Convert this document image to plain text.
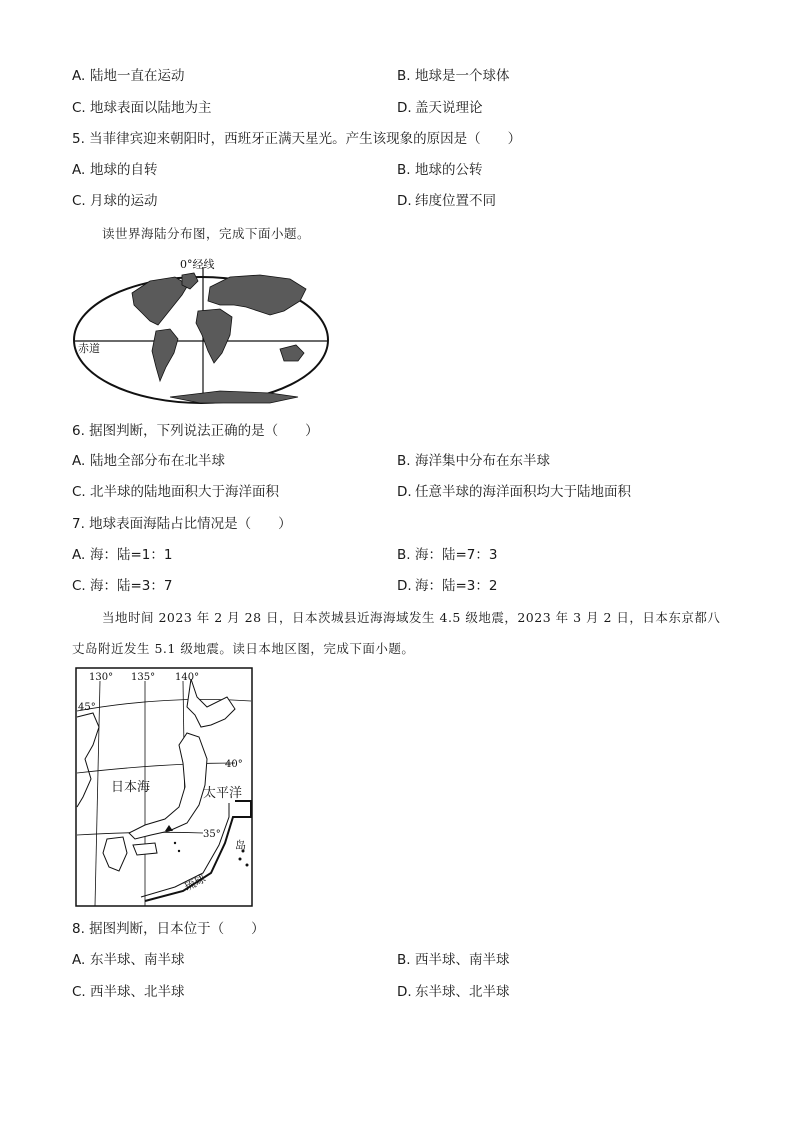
A. 陆地一直在运动	B. 地球是一个球体
C. 地球表面以陆地为主	D. 盖天说理论
5. 当菲律宾迎来朝阳时，西班牙正满天星光。产生该现象的原因是（　　）
A. 地球的自转	B. 地球的公转
C. 月球的运动	D. 纬度位置不同
读世界海陆分布图，完成下面小题。
0°经线
赤道
6. 据图判断，下列说法正确的是（　　）
A. 陆地全部分布在北半球	B. 海洋集中分布在东半球
C. 北半球的陆地面积大于海洋面积	D. 任意半球的海洋面积均大于陆地面积
7. 地球表面海陆占比情况是（　　）
A. 海：陆=1：1	B. 海：陆=7：3
C. 海：陆=3：7	D. 海：陆=3：2
当地时间 2023 年 2 月 28 日，日本茨城县近海海域发生 4.5 级地震，2023 年 3 月 2 日，日本东京都八
丈岛附近发生 5.1 级地震。读日本地区图，完成下面小题。
130° 135° 140°
45°
40°
35°
日本海	太平洋
琉球
岛
8. 据图判断，日本位于（　　）
A. 东半球、南半球	B. 西半球、南半球
C. 西半球、北半球	D. 东半球、北半球
